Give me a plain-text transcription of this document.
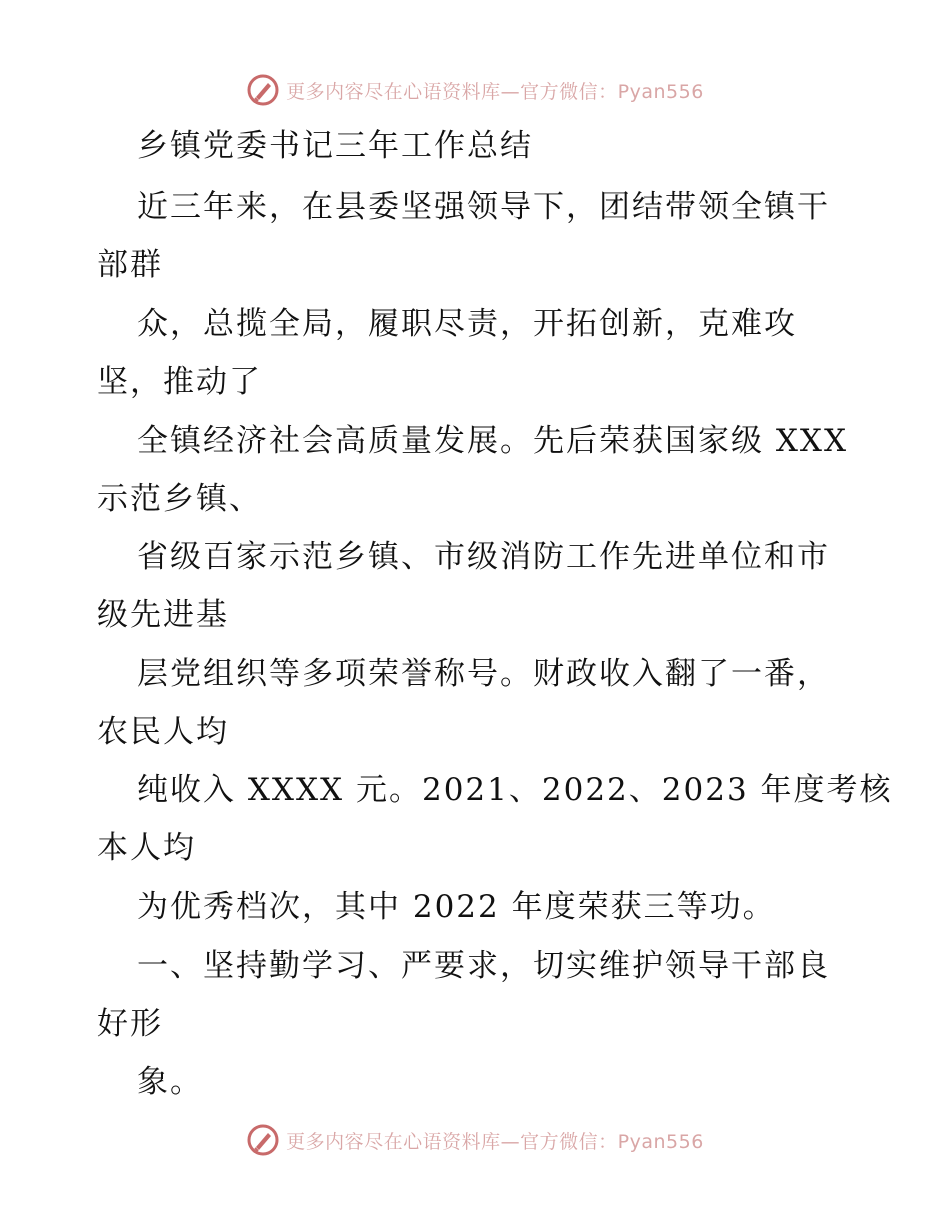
更多内容尽在心语资料库—官方微信：Pyan556
乡镇党委书记三年工作总结
近三年来，在县委坚强领导下，团结带领全镇干
部群
众，总揽全局，履职尽责，开拓创新，克难攻
坚，推动了
全镇经济社会高质量发展。先后荣获国家级 XXX
示范乡镇、
省级百家示范乡镇、市级消防工作先进单位和市
级先进基
层党组织等多项荣誉称号。财政收入翻了一番，
农民人均
纯收入 XXXX 元。2021、2022、2023 年度考核
本人均
为优秀档次，其中 2022 年度荣获三等功。
一、坚持勤学习、严要求，切实维护领导干部良
好形
象。
更多内容尽在心语资料库—官方微信：Pyan556
